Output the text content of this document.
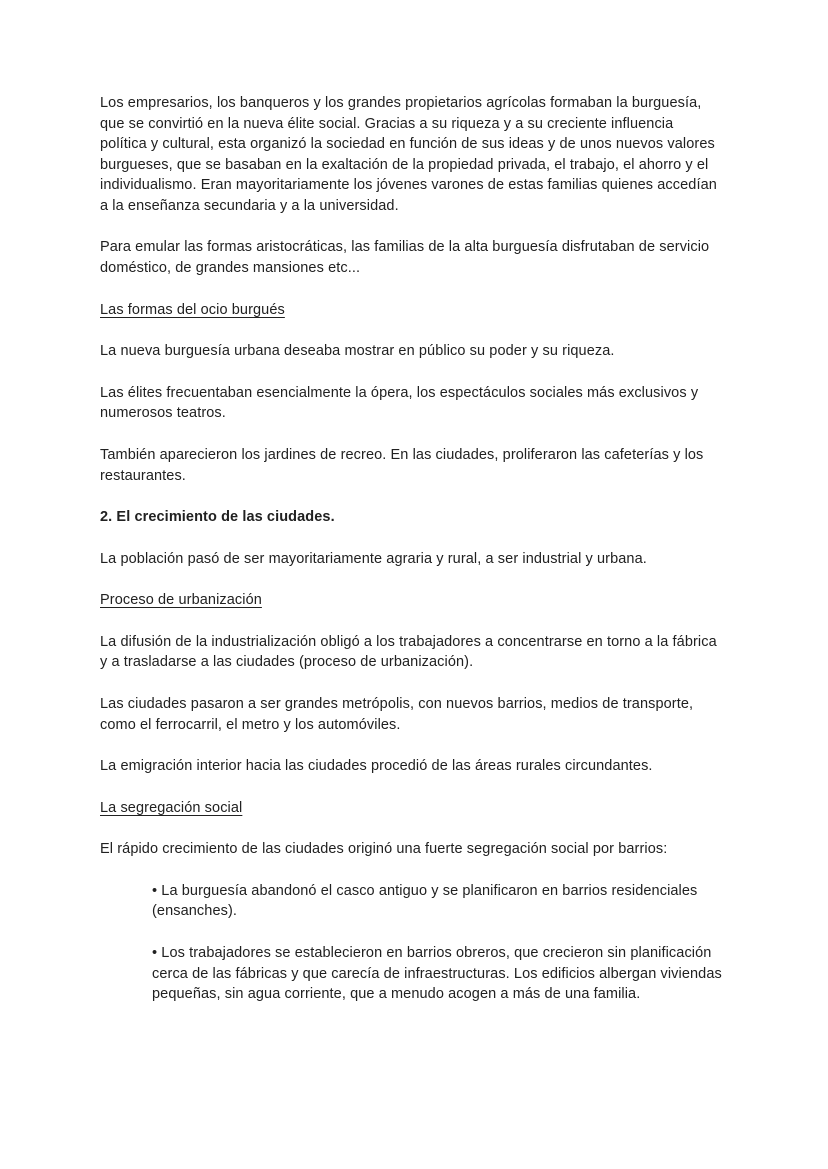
Los empresarios, los banqueros y los grandes propietarios agrícolas formaban la burguesía, que se convirtió en la nueva élite social. Gracias a su riqueza y a su creciente influencia política y cultural, esta organizó la sociedad en función de sus ideas y de unos nuevos valores burgueses, que se basaban en la exaltación de la propiedad privada, el trabajo, el ahorro y el individualismo. Eran mayoritariamente los jóvenes varones de estas familias quienes accedían a la enseñanza secundaria y a la universidad.

Para emular las formas aristocráticas, las familias de la alta burguesía disfrutaban de servicio doméstico, de grandes mansiones etc...

Las formas del ocio burgués

La nueva burguesía urbana deseaba mostrar en público su poder y su riqueza.

Las élites frecuentaban esencialmente la ópera, los espectáculos sociales más exclusivos y numerosos teatros.

También aparecieron los jardines de recreo. En las ciudades, proliferaron las cafeterías y los restaurantes.

2. El crecimiento de las ciudades.

La población pasó de ser mayoritariamente agraria y rural, a ser industrial y urbana.

Proceso de urbanización

La difusión de la industrialización obligó a los trabajadores a concentrarse en torno a la fábrica y a trasladarse a las ciudades (proceso de urbanización).

Las ciudades pasaron a ser grandes metrópolis, con nuevos barrios, medios de transporte, como el ferrocarril, el metro y los automóviles.

La emigración interior hacia las ciudades procedió de las áreas rurales circundantes.

La segregación social

El rápido crecimiento de las ciudades originó una fuerte segregación social por barrios:

• La burguesía abandonó el casco antiguo y se planificaron en barrios residenciales (ensanches).

• Los trabajadores se establecieron en barrios obreros, que crecieron sin planificación cerca de las fábricas y que carecía de infraestructuras. Los edificios albergan viviendas pequeñas, sin agua corriente, que a menudo acogen a más de una familia.
